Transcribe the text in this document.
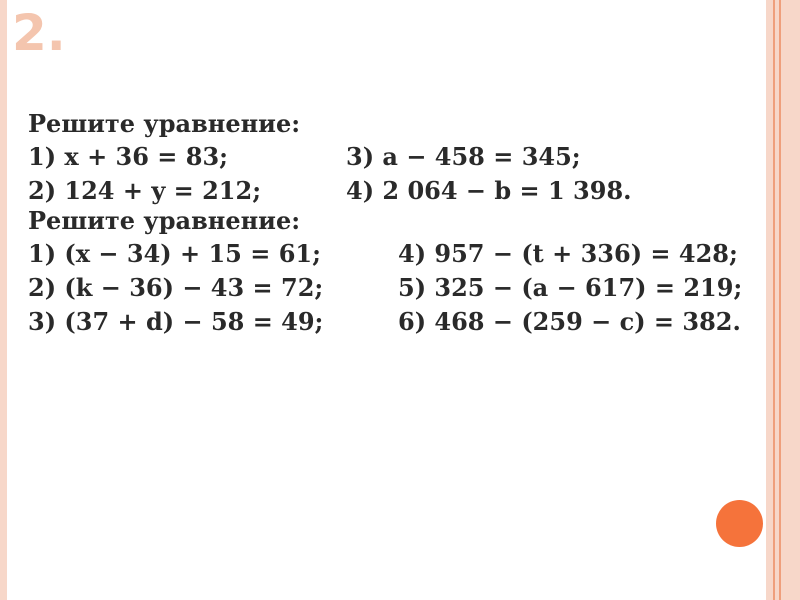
2.
Решите уравнение:
1) x + 36 = 83;	3) a − 458 = 345;
2) 124 + y = 212;	4) 2 064 − b = 1 398.
Решите уравнение:
1) (x − 34) + 15 = 61;	4) 957 − (t + 336) = 428;
2) (k − 36) − 43 = 72;	5) 325 − (a − 617) = 219;
3) (37 + d) − 58 = 49;	6) 468 − (259 − c) = 382.
